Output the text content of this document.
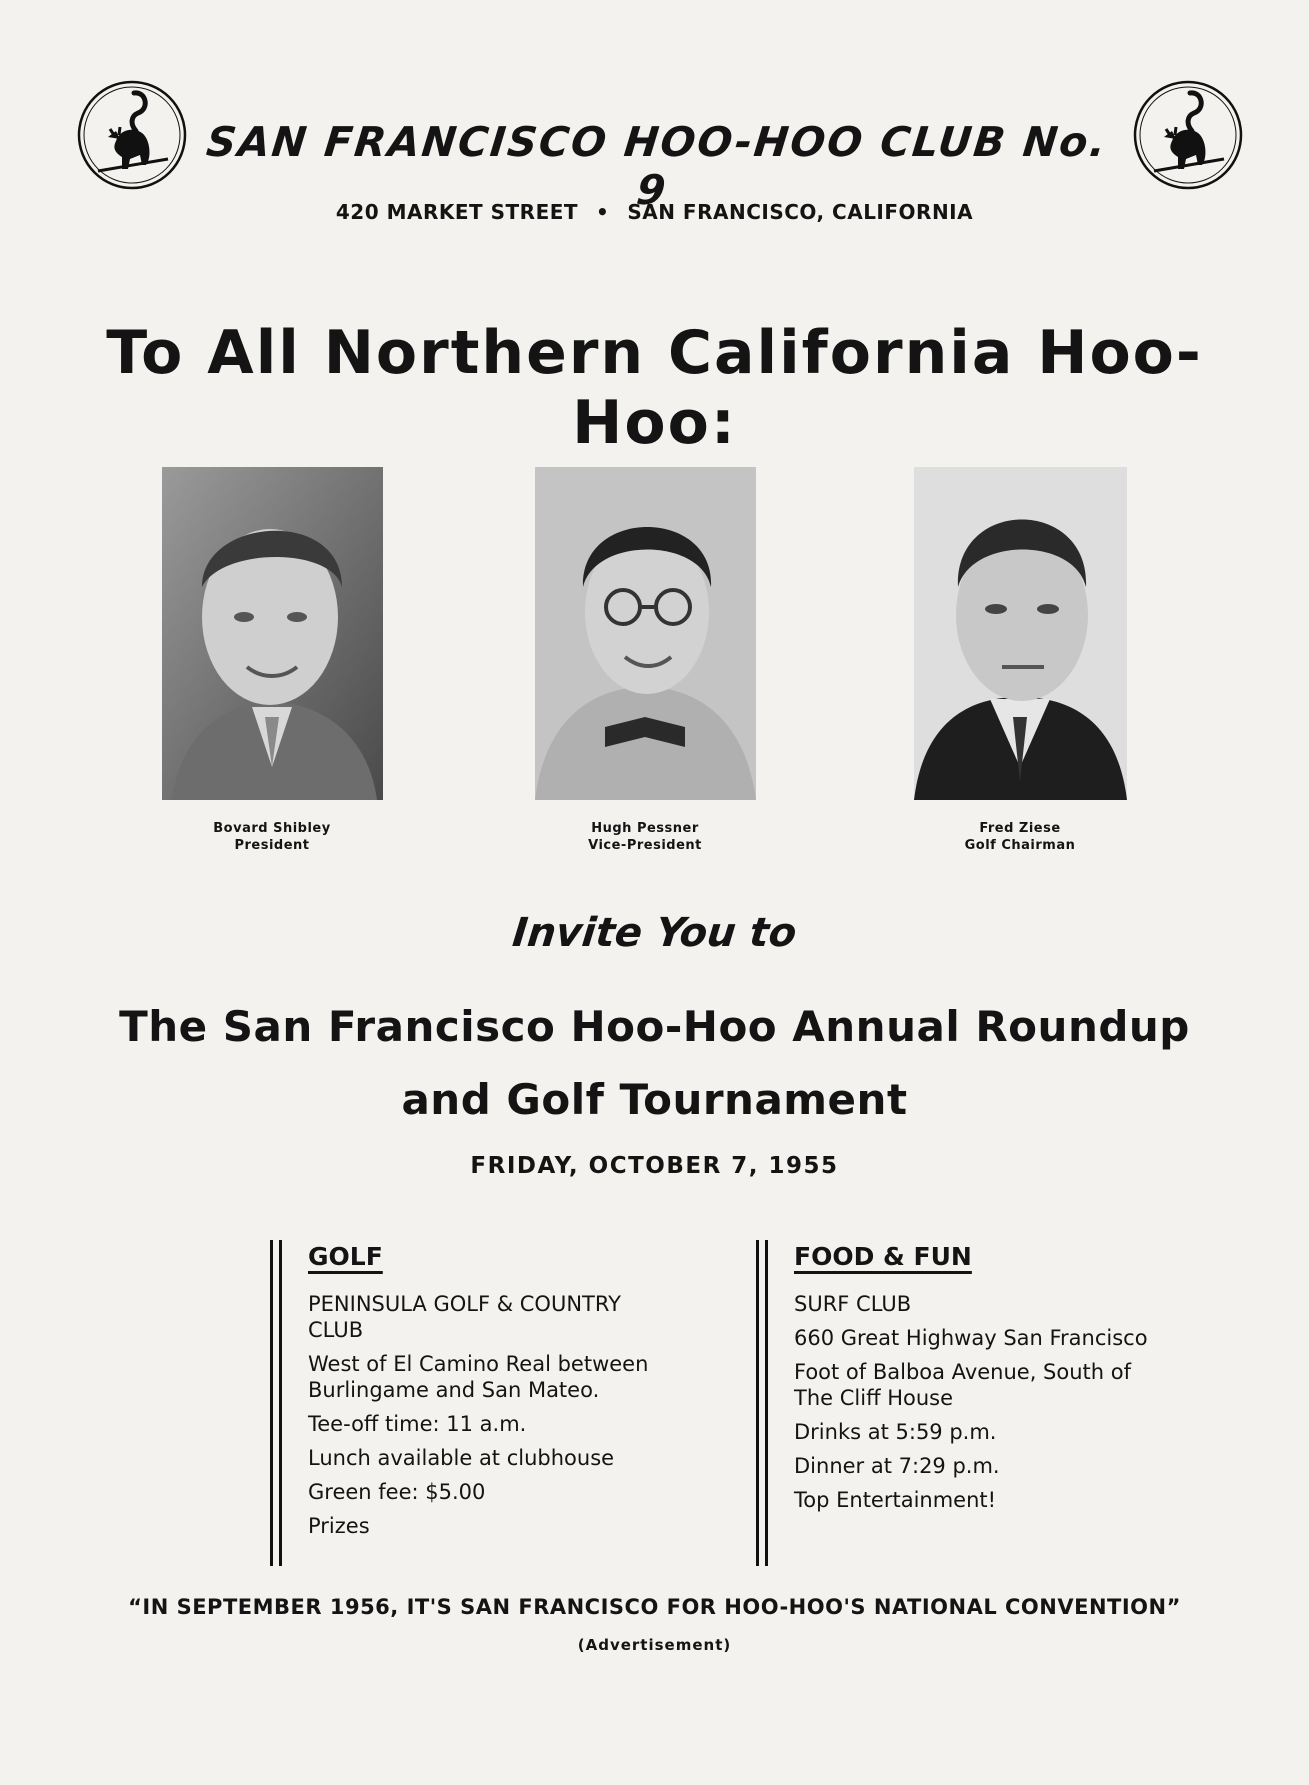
SAN FRANCISCO HOO-HOO CLUB No. 9
420 MARKET STREET • SAN FRANCISCO, CALIFORNIA
To All Northern California Hoo-Hoo:
Bovard Shibley
President
Hugh Pessner
Vice-President
Fred Ziese
Golf Chairman
Invite You to
The San Francisco Hoo-Hoo Annual Roundup
and Golf Tournament
FRIDAY, OCTOBER 7, 1955
GOLF
PENINSULA GOLF & COUNTRY CLUB
West of El Camino Real between Burlingame and San Mateo.
Tee-off time: 11 a.m.
Lunch available at clubhouse
Green fee: $5.00
Prizes
FOOD & FUN
SURF CLUB
660 Great Highway San Francisco
Foot of Balboa Avenue, South of The Cliff House
Drinks at 5:59 p.m.
Dinner at 7:29 p.m.
Top Entertainment!
“IN SEPTEMBER 1956, IT'S SAN FRANCISCO FOR HOO-HOO'S NATIONAL CONVENTION”
(Advertisement)
